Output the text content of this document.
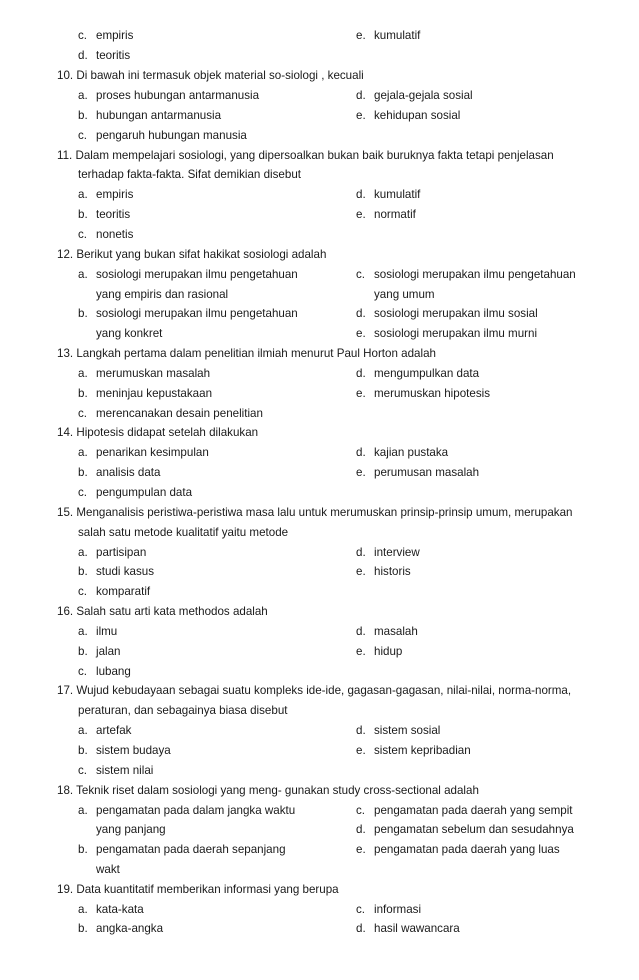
c. empiris	e. kumulatif
d. teoritis
10. Di bawah ini termasuk objek material so-siologi , kecuali
a. proses hubungan antarmanusia	d. gejala-gejala sosial
b. hubungan antarmanusia	e. kehidupan sosial
c. pengaruh hubungan manusia
11. Dalam mempelajari sosiologi, yang dipersoalkan bukan baik buruknya fakta tetapi penjelasan
terhadap fakta-fakta. Sifat demikian disebut
a. empiris	d. kumulatif
b. teoritis	e. normatif
c. nonetis
12. Berikut yang bukan sifat hakikat sosiologi adalah
a. sosiologi merupakan ilmu pengetahuan	c. sosiologi merupakan ilmu pengetahuan
yang empiris dan rasional	yang umum
b. sosiologi merupakan ilmu pengetahuan	d. sosiologi merupakan ilmu sosial
yang konkret	e. sosiologi merupakan ilmu murni
13. Langkah pertama dalam penelitian ilmiah menurut Paul Horton adalah
a. merumuskan masalah	d. mengumpulkan data
b. meninjau kepustakaan	e. merumuskan hipotesis
c. merencanakan desain penelitian
14. Hipotesis didapat setelah dilakukan
a. penarikan kesimpulan	d. kajian pustaka
b. analisis data	e. perumusan masalah
c. pengumpulan data
15. Menganalisis peristiwa-peristiwa masa lalu untuk merumuskan prinsip-prinsip umum, merupakan
salah satu metode kualitatif yaitu metode
a. partisipan	d. interview
b. studi kasus	e. historis
c. komparatif
16. Salah satu arti kata methodos adalah
a. ilmu	d. masalah
b. jalan	e. hidup
c. lubang
17. Wujud kebudayaan sebagai suatu kompleks ide-ide, gagasan-gagasan, nilai-nilai, norma-norma,
peraturan, dan sebagainya biasa disebut
a. artefak	d. sistem sosial
b. sistem budaya	e. sistem kepribadian
c. sistem nilai
18. Teknik riset dalam sosiologi yang meng- gunakan study cross-sectional adalah
a. pengamatan pada dalam jangka waktu	c. pengamatan pada daerah yang sempit
yang panjang	d. pengamatan sebelum dan sesudahnya
b. pengamatan pada daerah sepanjang	e. pengamatan pada daerah yang luas
wakt
19. Data kuantitatif memberikan informasi yang berupa
a. kata-kata	c. informasi
b. angka-angka	d. hasil wawancara
